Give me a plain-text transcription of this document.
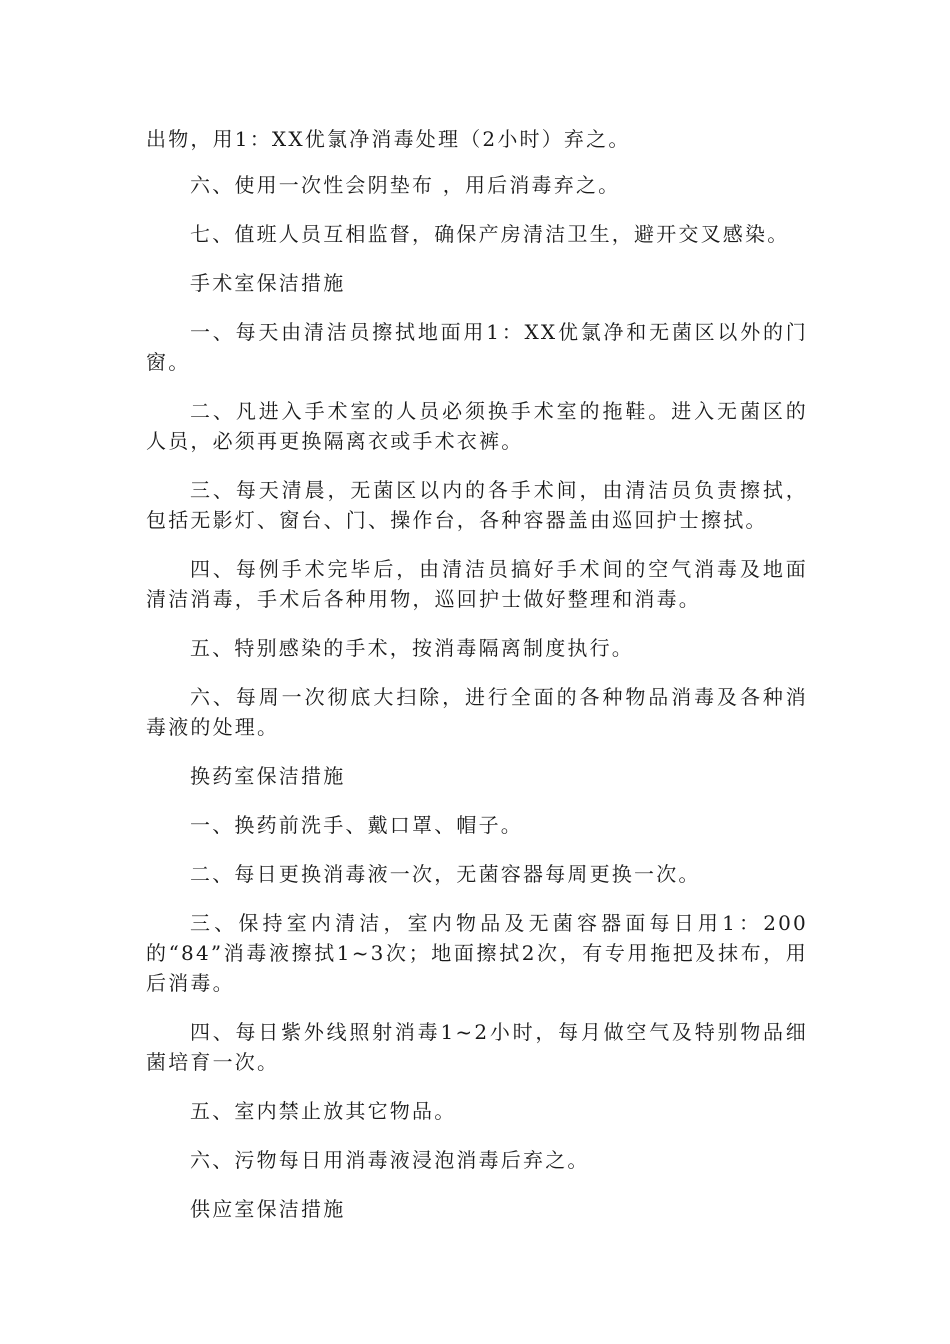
出物，用1：XX优氯净消毒处理（2小时）弃之。

六、使用一次性会阴垫布 ，用后消毒弃之。

七、值班人员互相监督，确保产房清洁卫生，避开交叉感染。

手术室保洁措施

一、每天由清洁员擦拭地面用1：XX优氯净和无菌区以外的门窗。

二、凡进入手术室的人员必须换手术室的拖鞋。进入无菌区的人员，必须再更换隔离衣或手术衣裤。

三、每天清晨，无菌区以内的各手术间，由清洁员负责擦拭，包括无影灯、窗台、门、操作台，各种容器盖由巡回护士擦拭。

四、每例手术完毕后，由清洁员搞好手术间的空气消毒及地面清洁消毒，手术后各种用物，巡回护士做好整理和消毒。

五、特别感染的手术，按消毒隔离制度执行。

六、每周一次彻底大扫除，进行全面的各种物品消毒及各种消毒液的处理。

换药室保洁措施

一、换药前洗手、戴口罩、帽子。

二、每日更换消毒液一次，无菌容器每周更换一次。

三、保持室内清洁，室内物品及无菌容器面每日用1：200的“84”消毒液擦拭1~3次；地面擦拭2次，有专用拖把及抹布，用后消毒。

四、每日紫外线照射消毒1~2小时，每月做空气及特别物品细菌培育一次。

五、室内禁止放其它物品。

六、污物每日用消毒液浸泡消毒后弃之。

供应室保洁措施
